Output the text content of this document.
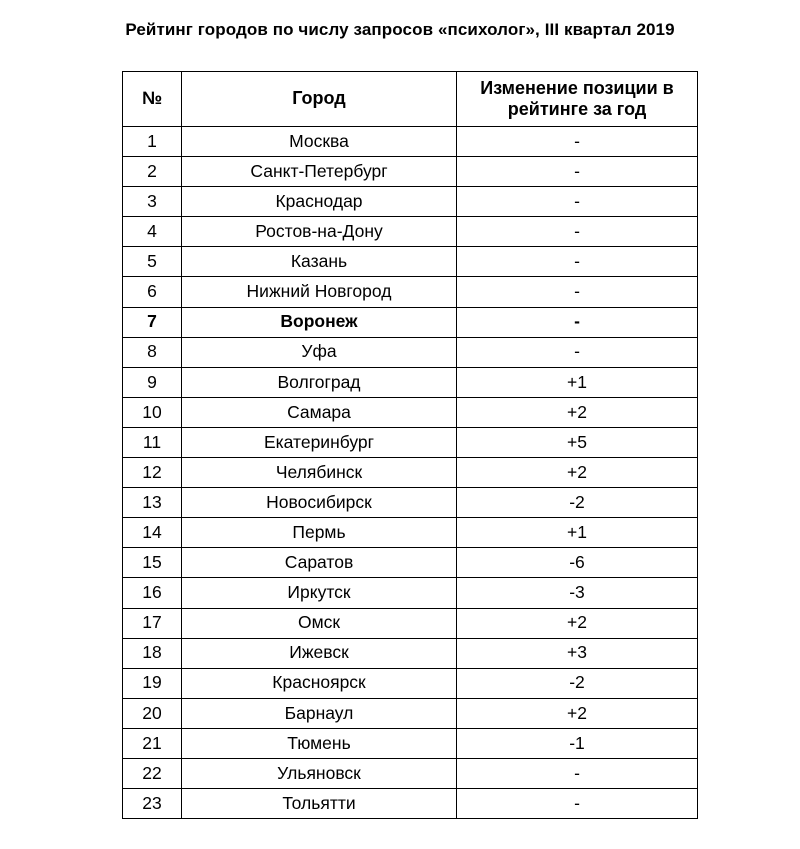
Рейтинг городов по числу запросов «психолог», III квартал 2019
№	Город	Изменение позиции в рейтинге за год
1	Москва	-
2	Санкт-Петербург	-
3	Краснодар	-
4	Ростов-на-Дону	-
5	Казань	-
6	Нижний Новгород	-
7	Воронеж	-
8	Уфа	-
9	Волгоград	+1
10	Самара	+2
11	Екатеринбург	+5
12	Челябинск	+2
13	Новосибирск	-2
14	Пермь	+1
15	Саратов	-6
16	Иркутск	-3
17	Омск	+2
18	Ижевск	+3
19	Красноярск	-2
20	Барнаул	+2
21	Тюмень	-1
22	Ульяновск	-
23	Тольятти	-
